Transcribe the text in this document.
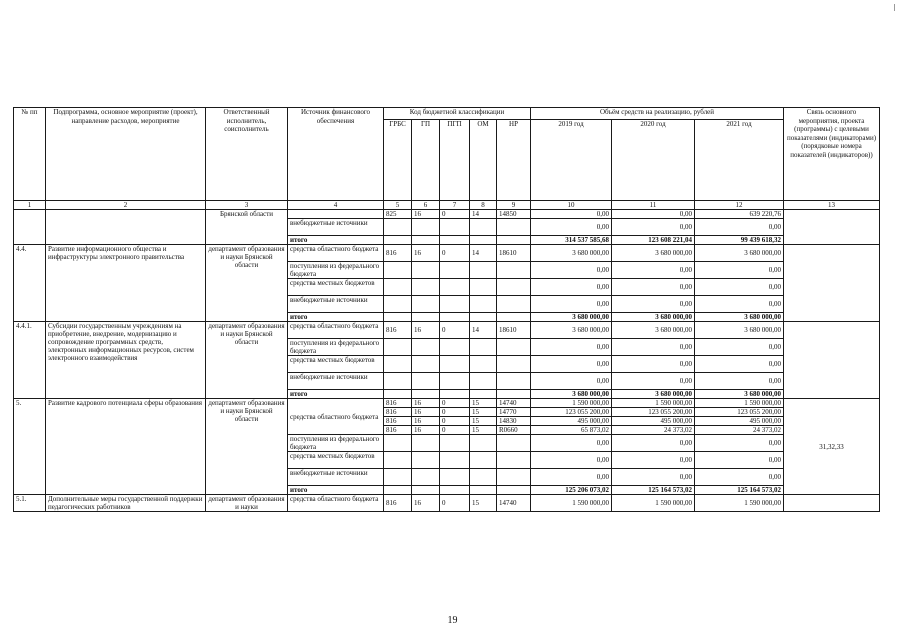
№ пп	Подпрограмма, основное мероприятие (проект), направление расходов, мероприятие	Ответственный исполнитель, соисполнитель	Источник финансового обеспечения	Код бюджетной классификации					Объём средств на реализацию, рублей			Связь основного мероприятия, проекта (программы) с целевыми показателями (индикаторами) (порядковые номера показателей (индикаторов))
				ГРБС	ГП	ПГП	ОМ	НР	2019 год	2020 год	2021 год	
1	2	3	4	5	6	7	8	9	10	11	12	13
		Брянской области		825	16	0	14	14850	0,00	0,00	639 220,76	
			внебюджетные источники						0,00	0,00	0,00	
			итого						314 537 585,68	123 608 221,04	99 439 618,32	
4.4.	Развитие информационного общества и инфраструктуры электронного правительства	департамент образования и науки Брянской области	средства областного бюджета	816	16	0	14	18610	3 680 000,00	3 680 000,00	3 680 000,00	
			поступления из федерального бюджета						0,00	0,00	0,00	
			средства местных бюджетов						0,00	0,00	0,00	
			внебюджетные источники						0,00	0,00	0,00	
			итого						3 680 000,00	3 680 000,00	3 680 000,00	
4.4.1.	Субсидии государственным учреждениям на приобретение, внедрение, модернизацию и сопровождение программных средств, электронных информационных ресурсов, систем электронного взаимодействия	департамент образования и науки Брянской области	средства областного бюджета	816	16	0	14	18610	3 680 000,00	3 680 000,00	3 680 000,00	
			поступления из федерального бюджета						0,00	0,00	0,00	
			средства местных бюджетов						0,00	0,00	0,00	
			внебюджетные источники						0,00	0,00	0,00	
			итого						3 680 000,00	3 680 000,00	3 680 000,00	
5.	Развитие кадрового потенциала сферы образования	департамент образования и науки Брянской области	средства областного бюджета	816	16	0	15	14740	1 590 000,00	1 590 000,00	1 590 000,00	31,32,33
				816	16	0	15	14770	123 055 200,00	123 055 200,00	123 055 200,00	
				816	16	0	15	14830	495 000,00	495 000,00	495 000,00	
				816	16	0	15	R0660	65 873,02	24 373,02	24 373,02	
			поступления из федерального бюджета						0,00	0,00	0,00	
			средства местных бюджетов						0,00	0,00	0,00	
			внебюджетные источники						0,00	0,00	0,00	
			итого						125 206 073,02	125 164 573,02	125 164 573,02	
5.1.	Дополнительные меры государственной поддержки педагогических работников	департамент образования и науки	средства областного бюджета	816	16	0	15	14740	1 590 000,00	1 590 000,00	1 590 000,00	
19
